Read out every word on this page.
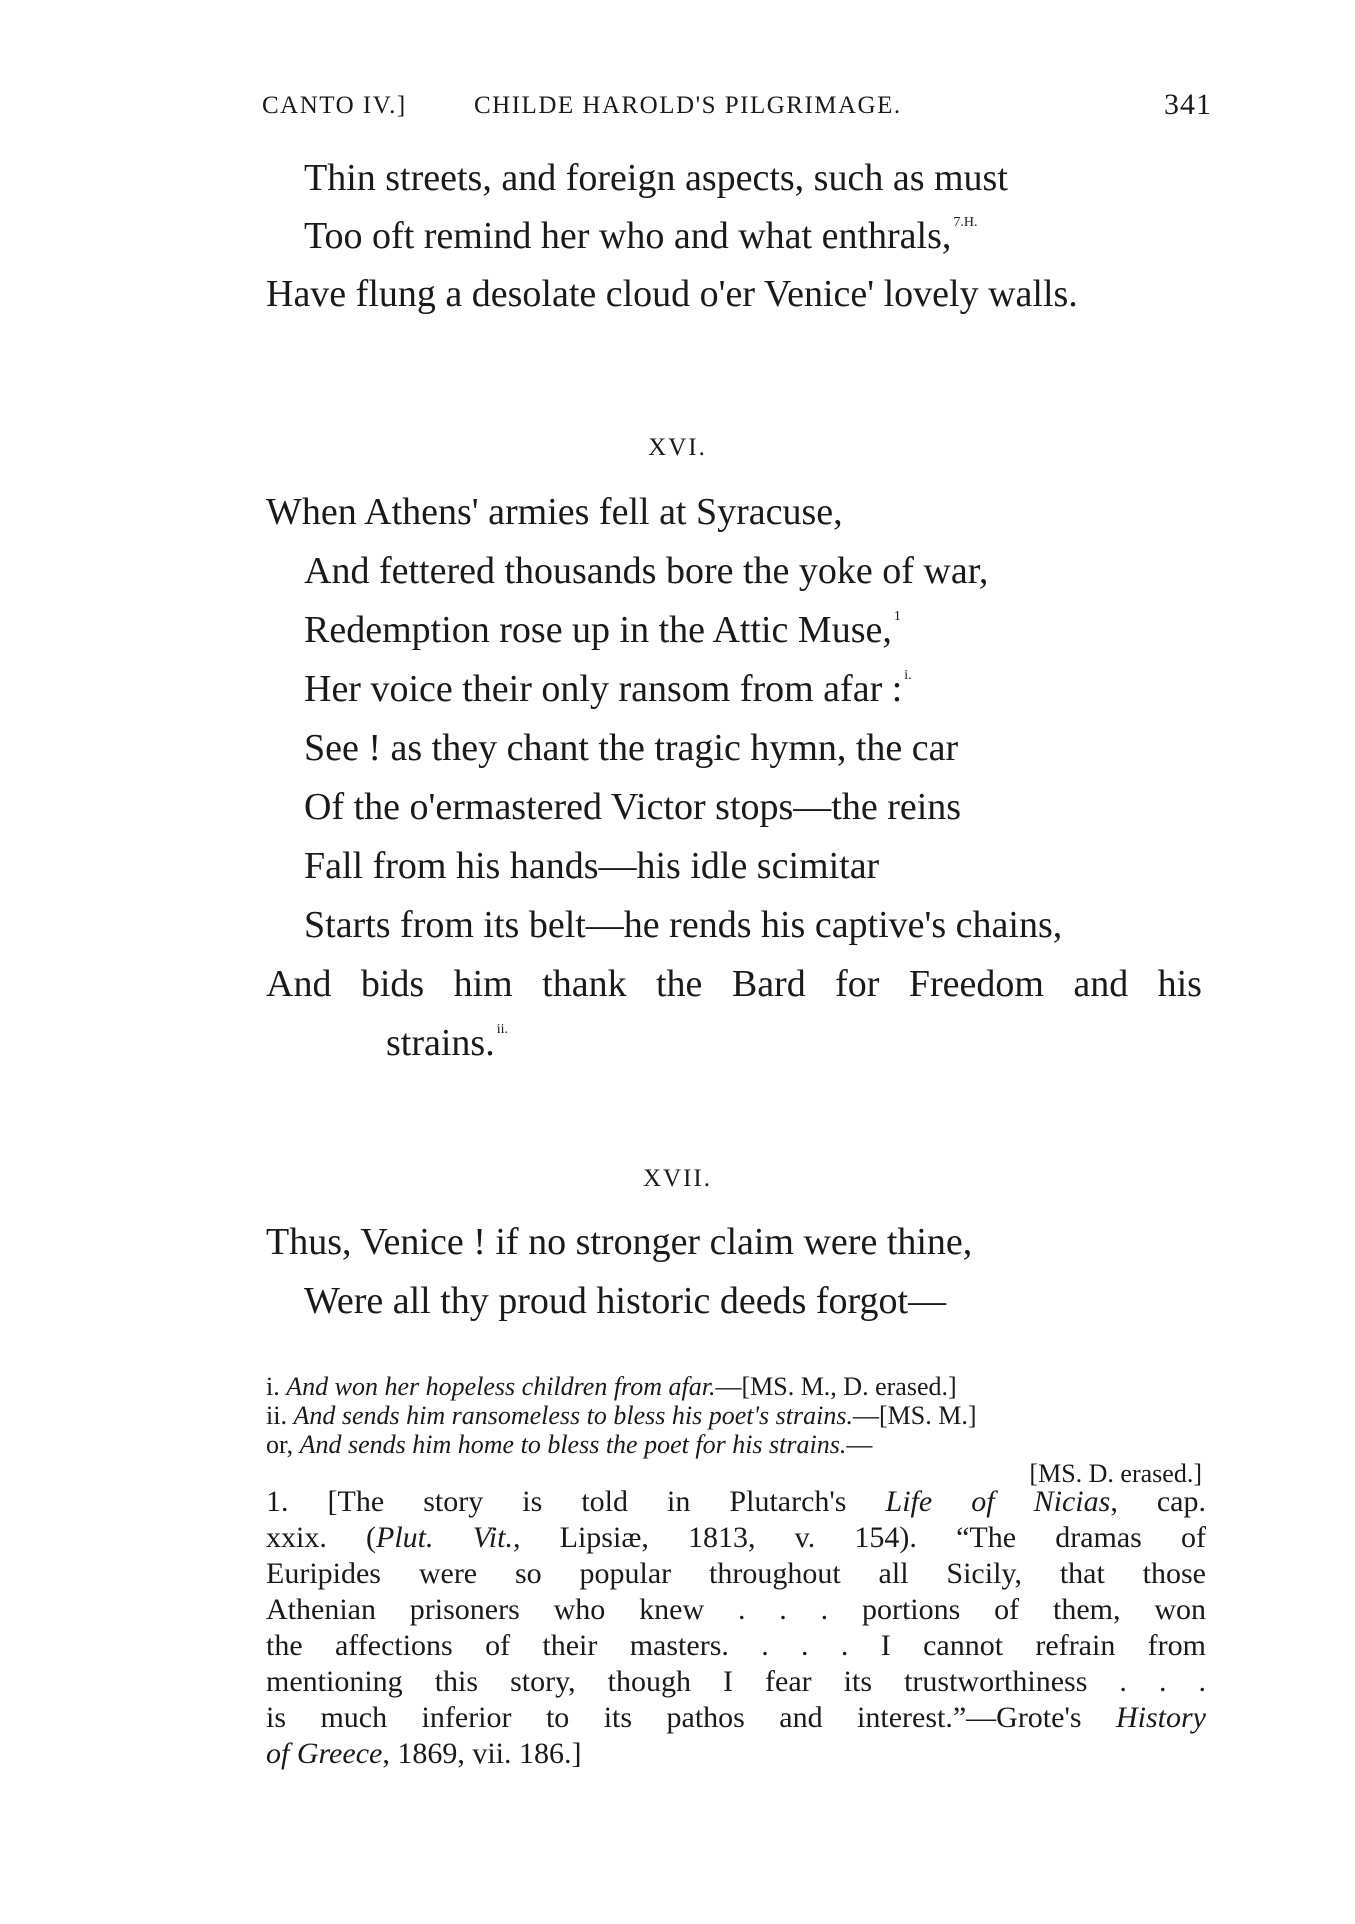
CANTO IV.]	CHILDE HAROLD'S PILGRIMAGE.	341
Thin streets, and foreign aspects, such as must
Too oft remind her who and what enthrals, $^{7.H.}$
Have flung a desolate cloud o'er Venice' lovely walls.
XVI.
When Athens' armies fell at Syracuse,
And fettered thousands bore the yoke of war,
Redemption rose up in the Attic Muse, $^1$
Her voice their only ransom from afar : $^{i.}$
See ! as they chant the tragic hymn, the car
Of the o'ermastered Victor stops—the reins
Fall from his hands—his idle scimitar
Starts from its belt—he rends his captive's chains,
And bids him thank the Bard for Freedom and his
strains. $^{ii.}$
XVII.
Thus, Venice ! if no stronger claim were thine,
Were all thy proud historic deeds forgot—
i. And won her hopeless children from afar.—[MS. M., D. erased.]
ii. And sends him ransomeless to bless his poet's strains.—[MS. M.]
or, And sends him home to bless the poet for his strains.—
[MS. D. erased.]
1. [The story is told in Plutarch's Life of Nicias, cap.
xxix. (Plut. Vit., Lipsiæ, 1813, v. 154). “The dramas of
Euripides were so popular throughout all Sicily, that those
Athenian prisoners who knew . . . portions of them, won
the affections of their masters. . . . I cannot refrain from
mentioning this story, though I fear its trustworthiness . . .
is much inferior to its pathos and interest.”—Grote's History
of Greece, 1869, vii. 186.]
